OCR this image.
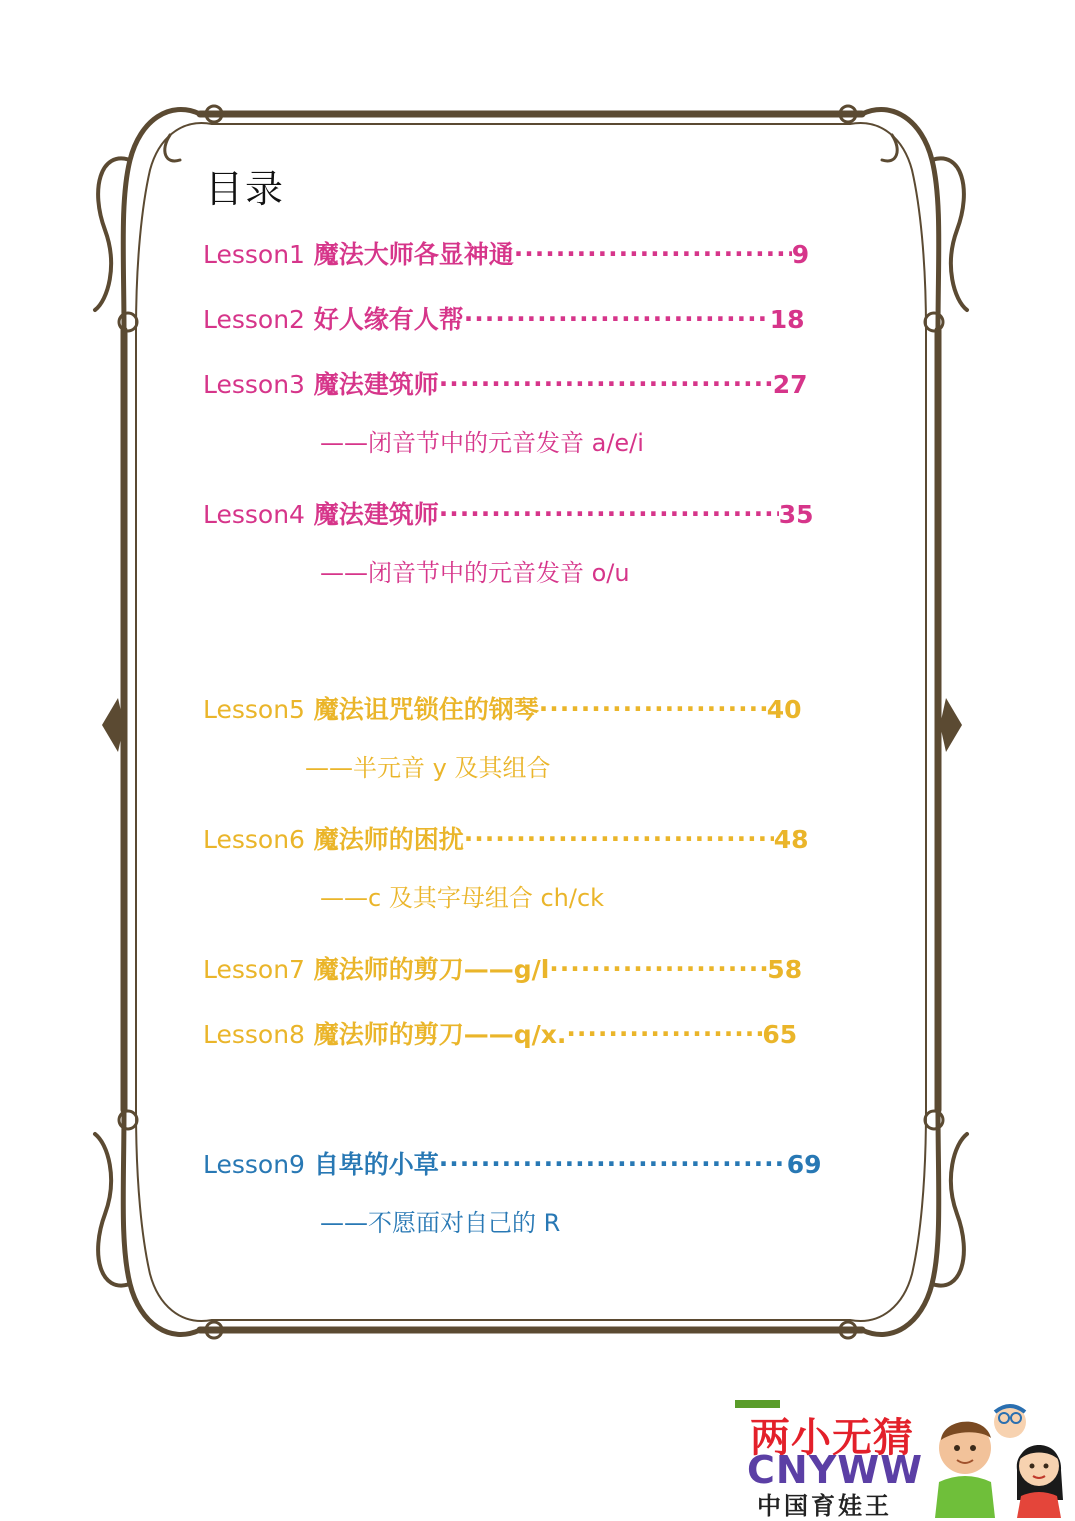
目录
Lesson1 魔法大师各显神通 .....	9
Lesson2 好人缘有人帮 .....	18
Lesson3 魔法建筑师 .....	27
——闭音节中的元音发音 a/e/i
Lesson4 魔法建筑师 .....	35
——闭音节中的元音发音 o/u
Lesson5 魔法诅咒锁住的钢琴 .....	40
——半元音 y 及其组合
Lesson6 魔法师的困扰 .....	48
——c 及其字母组合 ch/ck
Lesson7 魔法师的剪刀——g/l .....	58
Lesson8 魔法师的剪刀——q/x. .....	65
Lesson9 自卑的小草 .....	69
——不愿面对自己的 R
两小无猜
CNYWW
中国育娃王
